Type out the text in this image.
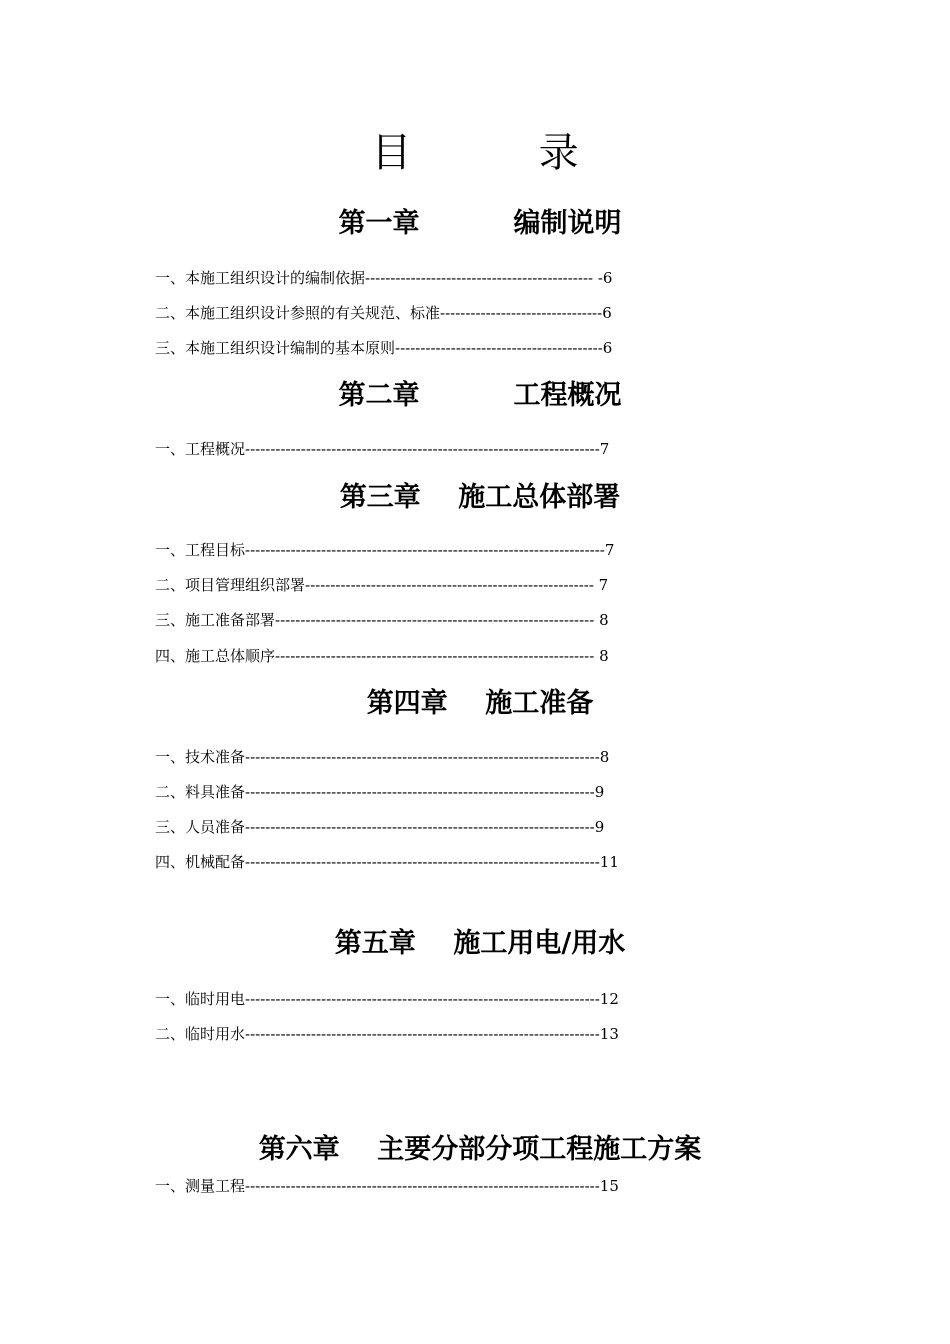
目          录
第一章          编制说明
一、本施工组织设计的编制依据--------------------------------------------- -6
二、本施工组织设计参照的有关规范、标准--------------------------------6
三、本施工组织设计编制的基本原则-----------------------------------------6
第二章          工程概况
一、工程概况----------------------------------------------------------------------7
第三章    施工总体部署
一、工程目标-----------------------------------------------------------------------7
二、项目管理组织部署--------------------------------------------------------- 7
三、施工准备部署--------------------------------------------------------------- 8
四、施工总体顺序--------------------------------------------------------------- 8
第四章    施工准备
一、技术准备----------------------------------------------------------------------8
二、料具准备---------------------------------------------------------------------9
三、人员准备---------------------------------------------------------------------9
四、机械配备----------------------------------------------------------------------11
第五章    施工用电/用水
一、临时用电----------------------------------------------------------------------12
二、临时用水----------------------------------------------------------------------13
第六章    主要分部分项工程施工方案
一、测量工程----------------------------------------------------------------------15
